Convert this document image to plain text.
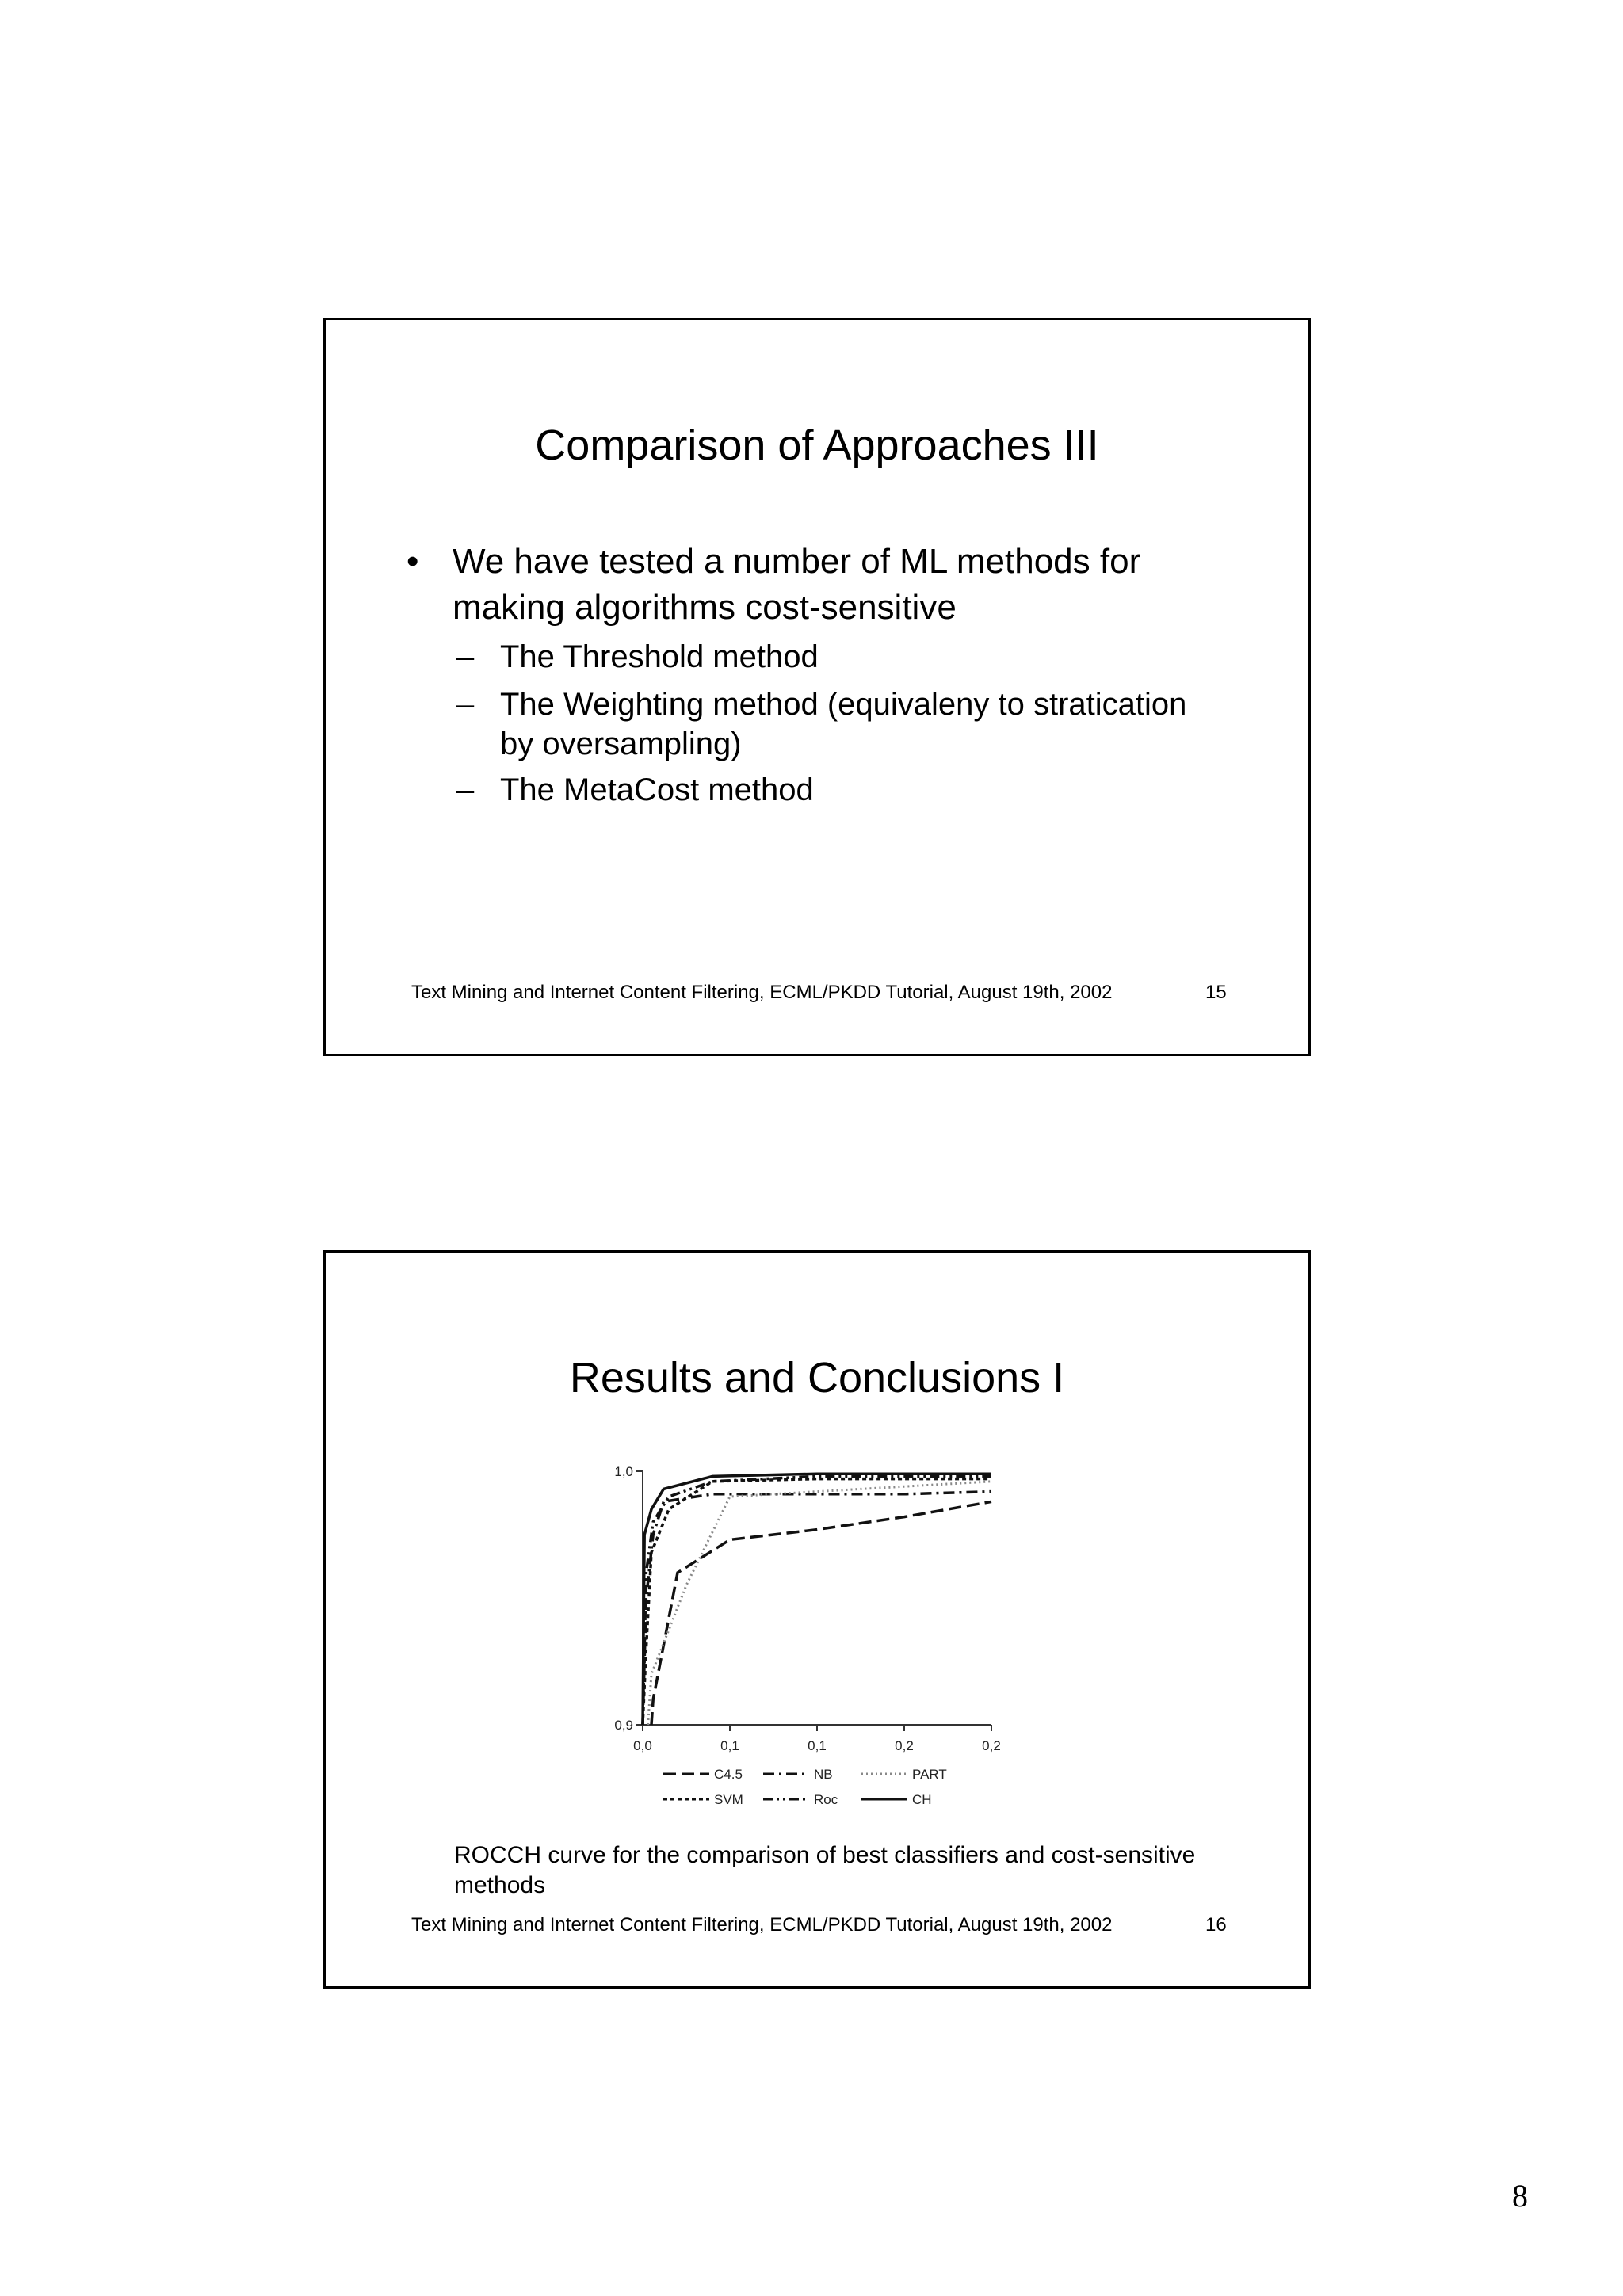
Comparison of Approaches III
• We have tested a number of ML methods for making algorithms cost-sensitive
– The Threshold method
– The Weighting method (equivaleny to stratication by oversampling)
– The MetaCost method
Text Mining and Internet Content Filtering, ECML/PKDD Tutorial, August 19th, 2002	15
Results and Conclusions I
1,0
0,9
0,0	0,1	0,1	0,2	0,2
C4.5	NB	PART
SVM	Roc	CH
ROCCH curve for the comparison of best classifiers and cost-sensitive methods
Text Mining and Internet Content Filtering, ECML/PKDD Tutorial, August 19th, 2002	16
8
